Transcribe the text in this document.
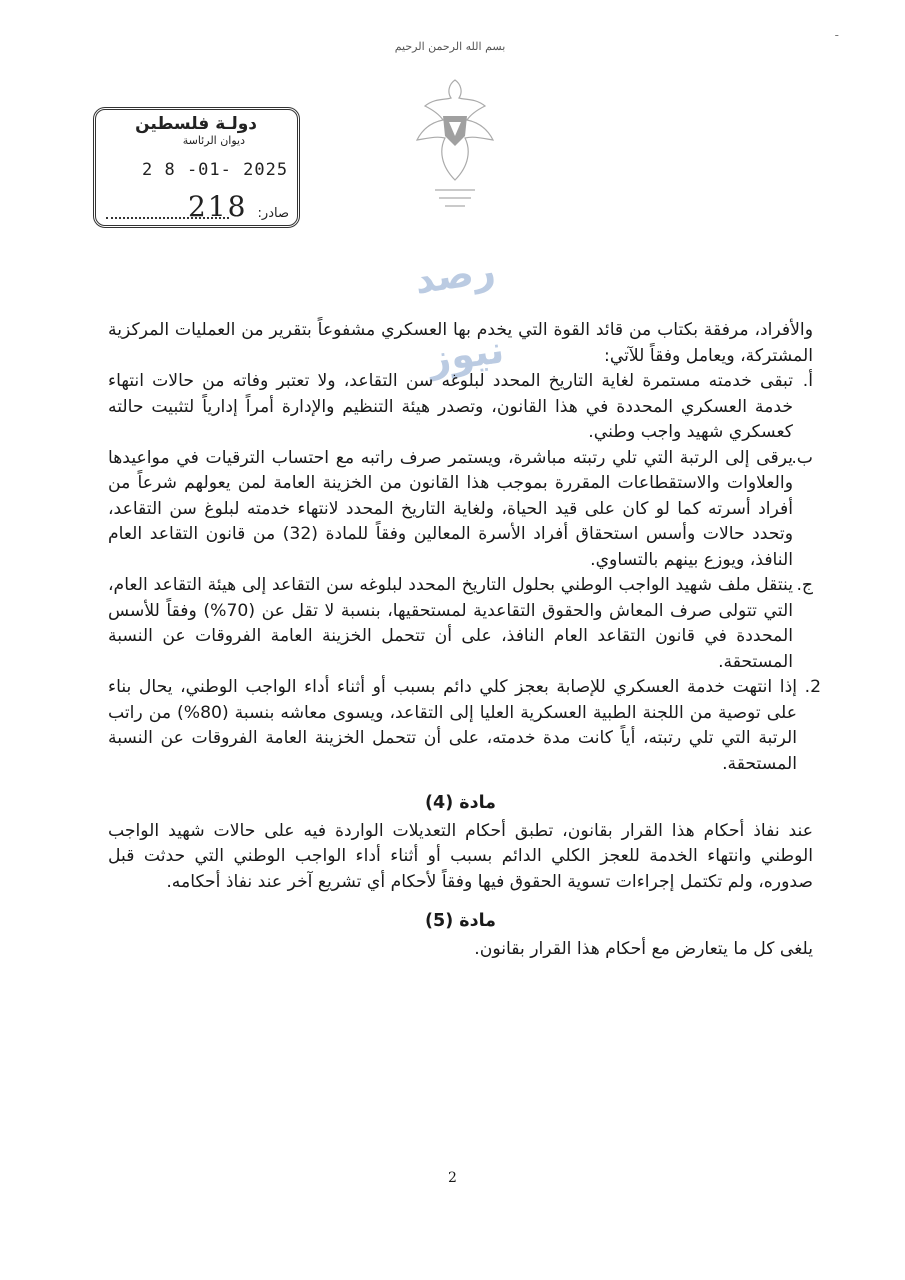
بسم الله الرحمن الرحيم
-
دولـة فلسطين
ديوان الرئاسة
2 8 -01- 2025
218 صادر:
رصد نيوز

والأفراد، مرفقة بكتاب من قائد القوة التي يخدم بها العسكري مشفوعاً بتقرير من العمليات المركزية المشتركة، ويعامل وفقاً للآتي:

أ.

تبقى خدمته مستمرة لغاية التاريخ المحدد لبلوغه سن التقاعد، ولا تعتبر وفاته من حالات انتهاء خدمة العسكري المحددة في هذا القانون، وتصدر هيئة التنظيم والإدارة أمراً إدارياً لتثبيت حالته كعسكري شهيد واجب وطني.

ب.

يرقى إلى الرتبة التي تلي رتبته مباشرة، ويستمر صرف راتبه مع احتساب الترقيات في مواعيدها والعلاوات والاستقطاعات المقررة بموجب هذا القانون من الخزينة العامة لمن يعولهم شرعاً من أفراد أسرته كما لو كان على قيد الحياة، ولغاية التاريخ المحدد لانتهاء خدمته لبلوغ سن التقاعد، وتحدد حالات وأسس استحقاق أفراد الأسرة المعالين وفقاً للمادة (32) من قانون التقاعد العام النافذ، ويوزع بينهم بالتساوي.

ج.

ينتقل ملف شهيد الواجب الوطني بحلول التاريخ المحدد لبلوغه سن التقاعد إلى هيئة التقاعد العام، التي تتولى صرف المعاش والحقوق التقاعدية لمستحقيها، بنسبة لا تقل عن (70%) وفقاً للأسس المحددة في قانون التقاعد العام النافذ، على أن تتحمل الخزينة العامة الفروقات عن النسبة المستحقة.

2.

إذا انتهت خدمة العسكري للإصابة بعجز كلي دائم بسبب أو أثناء أداء الواجب الوطني، يحال بناء على توصية من اللجنة الطبية العسكرية العليا إلى التقاعد، ويسوى معاشه بنسبة (80%) من راتب الرتبة التي تلي رتبته، أياً كانت مدة خدمته، على أن تتحمل الخزينة العامة الفروقات عن النسبة المستحقة.

مادة (4)

عند نفاذ أحكام هذا القرار بقانون، تطبق أحكام التعديلات الواردة فيه على حالات شهيد الواجب الوطني وانتهاء الخدمة للعجز الكلي الدائم بسبب أو أثناء أداء الواجب الوطني التي حدثت قبل صدوره، ولم تكتمل إجراءات تسوية الحقوق فيها وفقاً لأحكام أي تشريع آخر عند نفاذ أحكامه.

مادة (5)

يلغى كل ما يتعارض مع أحكام هذا القرار بقانون.

2
